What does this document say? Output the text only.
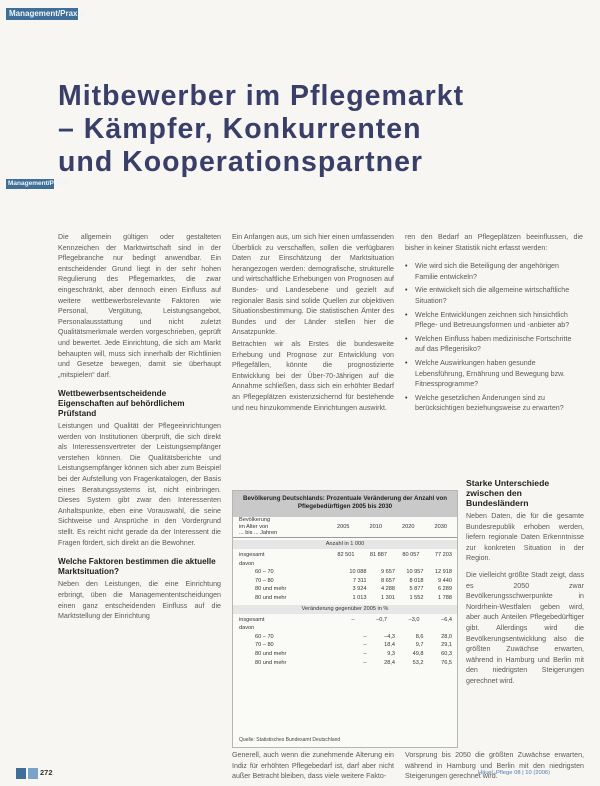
Management/Praxis
Mitbewerber im Pflegemarkt
– Kämpfer, Konkurrenten
und Kooperationspartner
Management/Praxis

Die allgemein gültigen oder gestalteten Kennzeichen der Marktwirtschaft sind in der Pflegebranche nur bedingt anwendbar. Ein entscheidender Grund liegt in der sehr hohen Regulierung des Pflegemarktes, die zwar eingeschränkt, aber dennoch einen Einfluss auf weitere wettbewerbsrelevante Faktoren wie Personal, Vergütung, Leistungsangebot, Personalausstattung und nicht zuletzt Qualitätsmerkmale werden vorgeschrieben, geprüft und bewertet. Jede Einrichtung, die sich am Markt behaupten will, muss sich innerhalb der Richtlinien und Gesetze bewegen, damit sie überhaupt „mitspielen“ darf.

Wettbewerbsentscheidende Eigenschaften auf behördlichem Prüfstand

Leistungen und Qualität der Pflegeeinrichtungen werden von Institutionen überprüft, die sich direkt als Interessensvertreter der Leistungsempfänger verstehen können. Die Qualitätsberichte und Leistungsempfänger können sich aber zum Beispiel bei der Aufstellung von Fragenkatalogen, der Basis eines Beratungssystems ist, nicht einbringen. Dieses System gibt zwar den Interessenten Anhaltspunkte, eben eine Vorauswahl, die seine Sichtweise und Ansprüche in den Vordergrund stellt. Es reicht nicht gerade da der Interessent die Fragen fördert, sich direkt an die Bewohner.

Welche Faktoren bestimmen die aktuelle Marktsituation?

Neben den Leistungen, die eine Einrichtung erbringt, üben die Managemententscheidungen einen ganz entscheidenden Einfluss auf die Marktstellung der Einrichtung

Ein Anfangen aus, um sich hier einen umfassenden Überblick zu verschaffen, sollen die verfügbaren Daten zur Einschätzung der Marktsituation herangezogen werden: demografische, strukturelle und wirtschaftliche Erhebungen von Prognosen auf Bundes- und Landesebene und gezielt auf regionaler Basis sind solide Quellen zur objektiven Situationsbestimmung. Die statistischen Ämter des Bundes und der Länder stellen hier die Ansatzpunkte.

Betrachten wir als Erstes die bundesweite Erhebung und Prognose zur Entwicklung von Pflegefällen, könnte die prognostizierte Entwicklung bei der Über-70-Jährigen auf die Annahme schließen, dass sich ein erhöhter Bedarf an Pflegeplätzen existenzsichernd für bestehende und neu hinzukommende Einrichtungen auswirkt.

Bevölkerung Deutschlands: Prozentuale Veränderung der Anzahl von Pflegebedürftigen 2005 bis 2030
Bevölkerung
im Alter von
... bis ... Jahren
2005	2010	2020	2030
Anzahl in 1 000
insgesamt	82 501	81 887	80 057	77 203
davon
60 – 70	10 088	9 657	10 957	12 918
70 – 80	7 311	8 657	8 018	9 440
80 und mehr	3 924	4 288	5 877	6 289
80 und mehr	1 013	1 301	1 552	1 788
Veränderung gegenüber 2005 in %
insgesamt	–	–0,7	–3,0	–6,4
davon
60 – 70	–	–4,3	8,6	28,0
70 – 80	–	18,4	9,7	29,1
80 und mehr	–	9,3	49,8	60,3
80 und mehr	–	28,4	53,2	76,5
Quelle: Statistisches Bundesamt Deutschland

Generell, auch wenn die zunehmende Alterung ein Indiz für erhöhten Pflegebedarf ist, darf aber nicht außer Betracht bleiben, dass viele weitere Fakto-

ren den Bedarf an Pflegeplätzen beeinflussen, die bisher in keiner Statistik nicht erfasst werden:

• Wie wird sich die Beteiligung der angehörigen Familie entwickeln?
• Wie entwickelt sich die allgemeine wirtschaftliche Situation?
• Welche Entwicklungen zeichnen sich hinsichtlich Pflege- und Betreuungsformen und -anbieter ab?
• Welchen Einfluss haben medizinische Fortschritte auf das Pflegerisiko?
• Welche Auswirkungen haben gesunde Lebensführung, Ernährung und Bewegung bzw. Fitnessprogramme?
• Welche gesetzlichen Änderungen sind zu berücksichtigen beziehungsweise zu erwarten?
Starke Unterschiede zwischen den Bundesländern

Neben Daten, die für die gesamte Bundesrepublik erhoben werden, liefern regionale Daten Erkenntnisse zur konkreten Situation in der Region.

Die vielleicht größte Stadt zeigt, dass es 2050 zwar Bevölkerungsschwerpunkte in Nordrhein-Westfalen geben wird, aber auch Anteilen Pflegebedürftiger gibt. Allerdings wird die Bevölkerungsentwicklung also die größten Zuwächse erwarten, während in Hamburg und Berlin mit den niedrigsten Steigerungen gerechnet wird.

Vorsprung bis 2050 die größten Zuwächse erwarten, während in Hamburg und Berlin mit den niedrigsten Steigerungen gerechnet wird.

272	Häusl. Pflege 08 | 10 (2006)
